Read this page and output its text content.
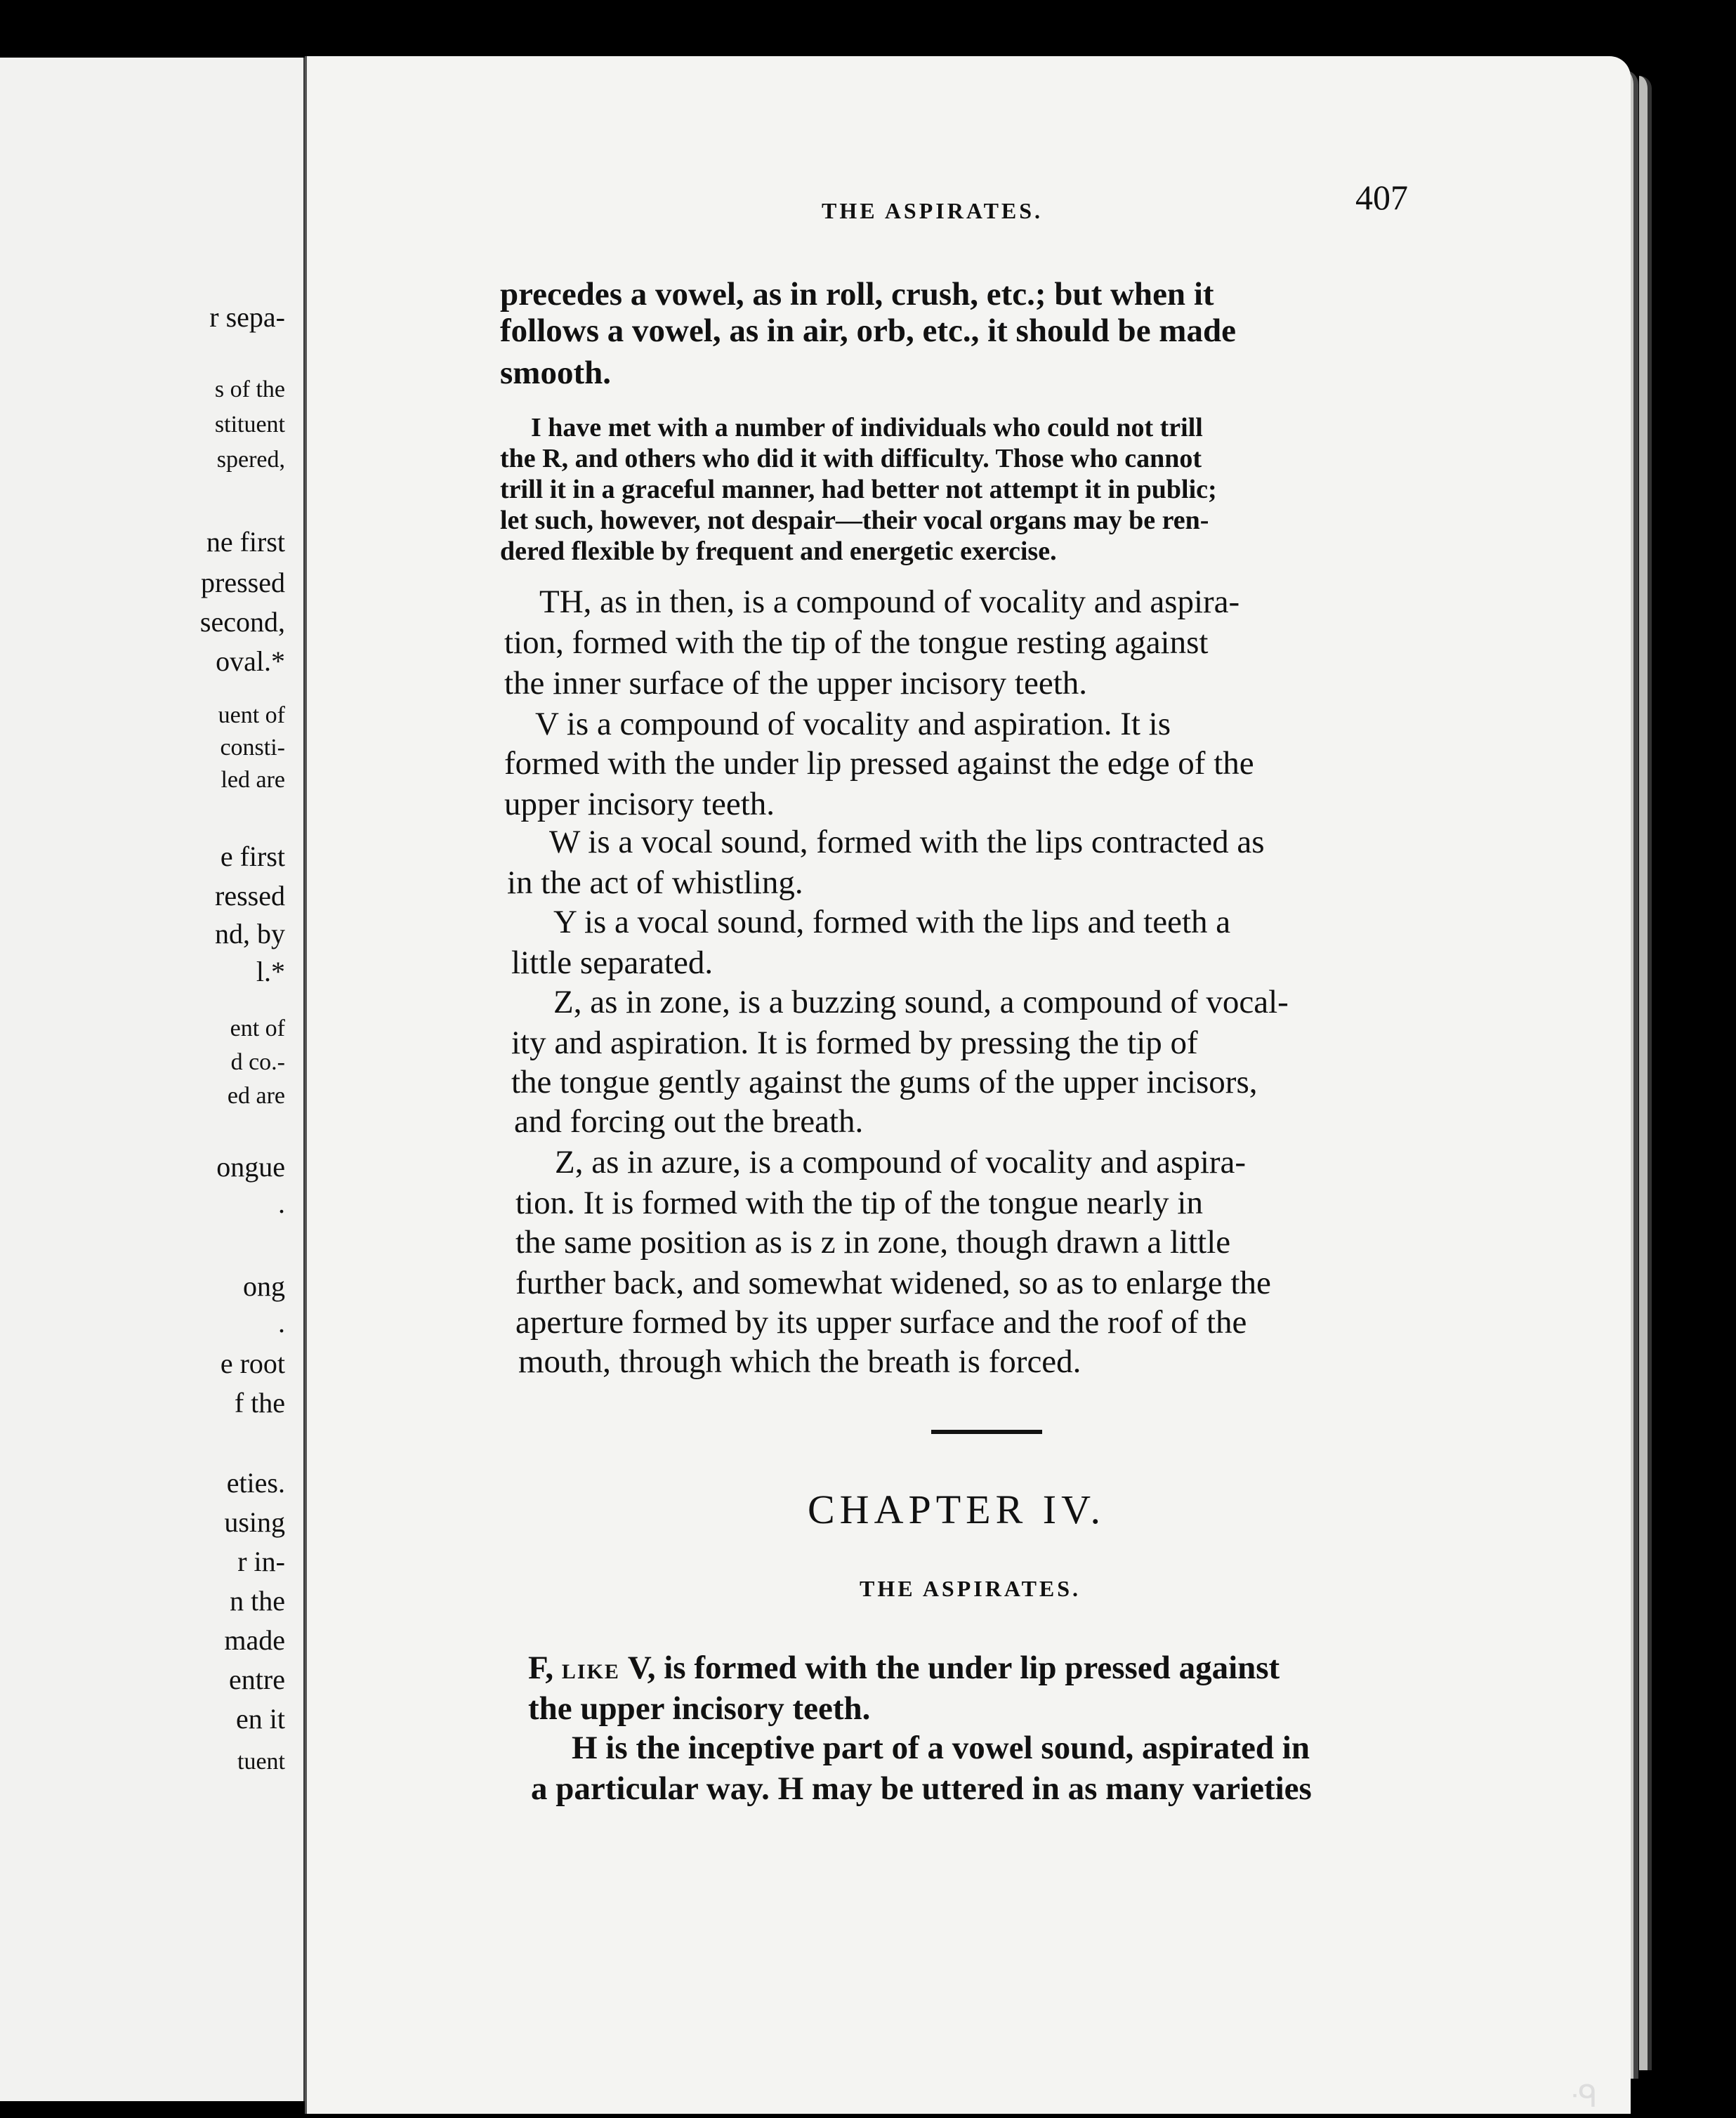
r sepa-
s of the
stituent
spered,
ne first
pressed
second,
oval.*
uent of
consti-
led are
e first
ressed
nd, by
l.*
ent of
d co.-
ed are
ongue
.
ong
.
e root
f the
eties.
using
r in-
n the
made
entre
en it
tuent
THE ASPIRATES.	407
precedes a vowel, as in roll, crush, etc.; but when it
follows a vowel, as in air, orb, etc., it should be made
smooth.
I have met with a number of individuals who could not trill
the R, and others who did it with difficulty. Those who cannot
trill it in a graceful manner, had better not attempt it in public;
let such, however, not despair—their vocal organs may be ren-
dered flexible by frequent and energetic exercise.
TH, as in then, is a compound of vocality and aspira-
tion, formed with the tip of the tongue resting against
the inner surface of the upper incisory teeth.
V is a compound of vocality and aspiration. It is
formed with the under lip pressed against the edge of the
upper incisory teeth.
W is a vocal sound, formed with the lips contracted as
in the act of whistling.
Y is a vocal sound, formed with the lips and teeth a
little separated.
Z, as in zone, is a buzzing sound, a compound of vocal-
ity and aspiration. It is formed by pressing the tip of
the tongue gently against the gums of the upper incisors,
and forcing out the breath.
Z, as in azure, is a compound of vocality and aspira-
tion. It is formed with the tip of the tongue nearly in
the same position as is z in zone, though drawn a little
further back, and somewhat widened, so as to enlarge the
aperture formed by its upper surface and the roof of the
mouth, through which the breath is forced.
CHAPTER IV.
THE ASPIRATES.
F, LIKE V, is formed with the under lip pressed against
the upper incisory teeth.
H is the inceptive part of a vowel sound, aspirated in
a particular way. H may be uttered in as many varieties
ᐧᑫ
